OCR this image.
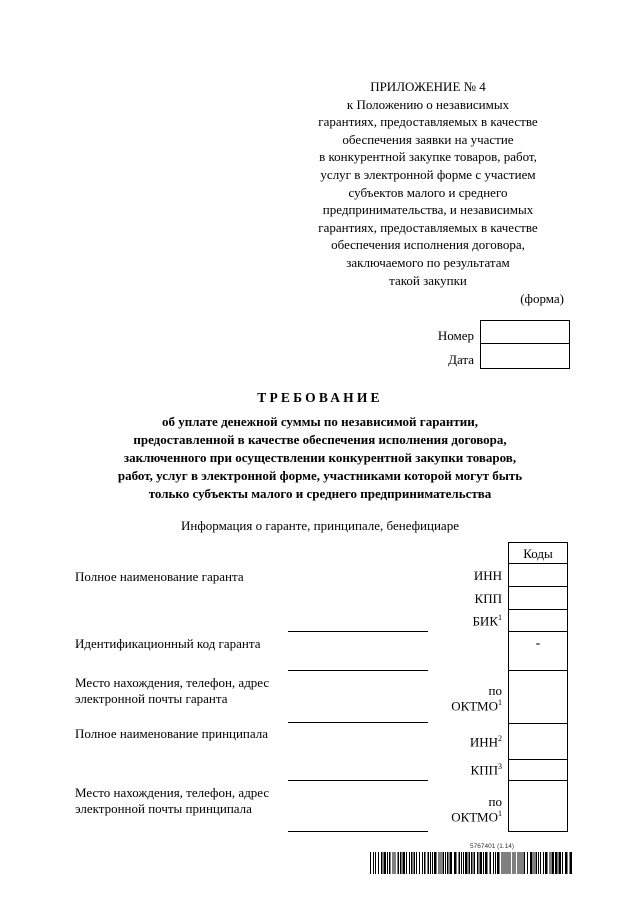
ПРИЛОЖЕНИЕ № 4
к Положению о независимых
гарантиях, предоставляемых в качестве
обеспечения заявки на участие
в конкурентной закупке товаров, работ,
услуг в электронной форме с участием
субъектов малого и среднего
предпринимательства, и независимых
гарантиях, предоставляемых в качестве
обеспечения исполнения договора,
заключаемого по результатам
такой закупки
(форма)
Номер
Дата
ТРЕБОВАНИЕ
об уплате денежной суммы по независимой гарантии,
предоставленной в качестве обеспечения исполнения договора,
заключенного при осуществлении конкурентной закупки товаров,
работ, услуг в электронной форме, участниками которой могут быть
только субъекты малого и среднего предпринимательства
Информация о гаранте, принципале, бенефициаре
Коды
-
ИНН
КПП
БИК$^1$
по
ОКТМО$^1$
ИНН$^2$
КПП$^3$
по
ОКТМО$^1$
Полное наименование гаранта
Идентификационный код гаранта
Место нахождения, телефон, адрес электронной почты гаранта
Полное наименование принципала
Место нахождения, телефон, адрес электронной почты принципала
5767401 (1.14)
